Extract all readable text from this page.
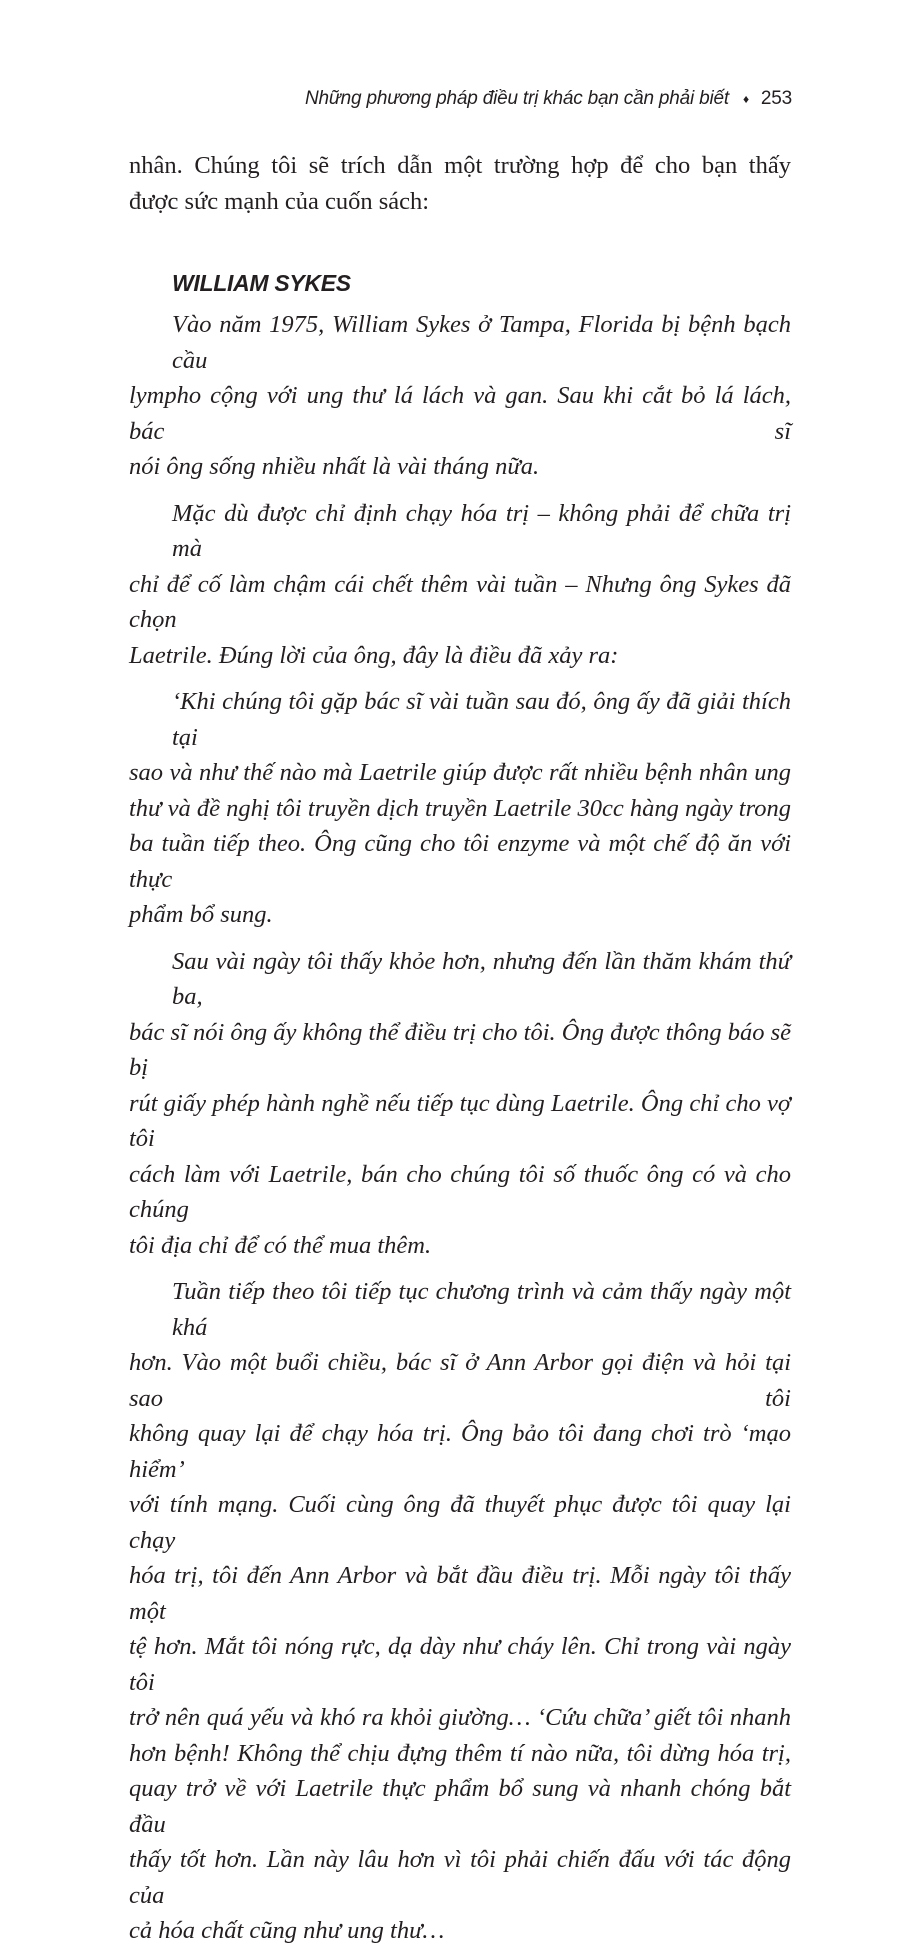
Những phương pháp điều trị khác bạn cần phải biết ♦ 253

nhân. Chúng tôi sẽ trích dẫn một trường hợp để cho bạn thấy
được sức mạnh của cuốn sách:

WILLIAM SYKES

Vào năm 1975, William Sykes ở Tampa, Florida bị bệnh bạch cầu
lympho cộng với ung thư lá lách và gan. Sau khi cắt bỏ lá lách, bác sĩ
nói ông sống nhiều nhất là vài tháng nữa.

Mặc dù được chỉ định chạy hóa trị – không phải để chữa trị mà
chỉ để cố làm chậm cái chết thêm vài tuần – Nhưng ông Sykes đã chọn
Laetrile. Đúng lời của ông, đây là điều đã xảy ra:

‘Khi chúng tôi gặp bác sĩ vài tuần sau đó, ông ấy đã giải thích tại
sao và như thế nào mà Laetrile giúp được rất nhiều bệnh nhân ung
thư và đề nghị tôi truyền dịch truyền Laetrile 30cc hàng ngày trong
ba tuần tiếp theo. Ông cũng cho tôi enzyme và một chế độ ăn với thực
phẩm bổ sung.

Sau vài ngày tôi thấy khỏe hơn, nhưng đến lần thăm khám thứ ba,
bác sĩ nói ông ấy không thể điều trị cho tôi. Ông được thông báo sẽ bị
rút giấy phép hành nghề nếu tiếp tục dùng Laetrile. Ông chỉ cho vợ tôi
cách làm với Laetrile, bán cho chúng tôi số thuốc ông có và cho chúng
tôi địa chỉ để có thể mua thêm.

Tuần tiếp theo tôi tiếp tục chương trình và cảm thấy ngày một khá
hơn. Vào một buổi chiều, bác sĩ ở Ann Arbor gọi điện và hỏi tại sao tôi
không quay lại để chạy hóa trị. Ông bảo tôi đang chơi trò ‘mạo hiểm’
với tính mạng. Cuối cùng ông đã thuyết phục được tôi quay lại chạy
hóa trị, tôi đến Ann Arbor và bắt đầu điều trị. Mỗi ngày tôi thấy một
tệ hơn. Mắt tôi nóng rực, dạ dày như cháy lên. Chỉ trong vài ngày tôi
trở nên quá yếu và khó ra khỏi giường… ‘Cứu chữa’ giết tôi nhanh
hơn bệnh! Không thể chịu đựng thêm tí nào nữa, tôi dừng hóa trị,
quay trở về với Laetrile thực phẩm bổ sung và nhanh chóng bắt đầu
thấy tốt hơn. Lần này lâu hơn vì tôi phải chiến đấu với tác động của
cả hóa chất cũng như ung thư…
